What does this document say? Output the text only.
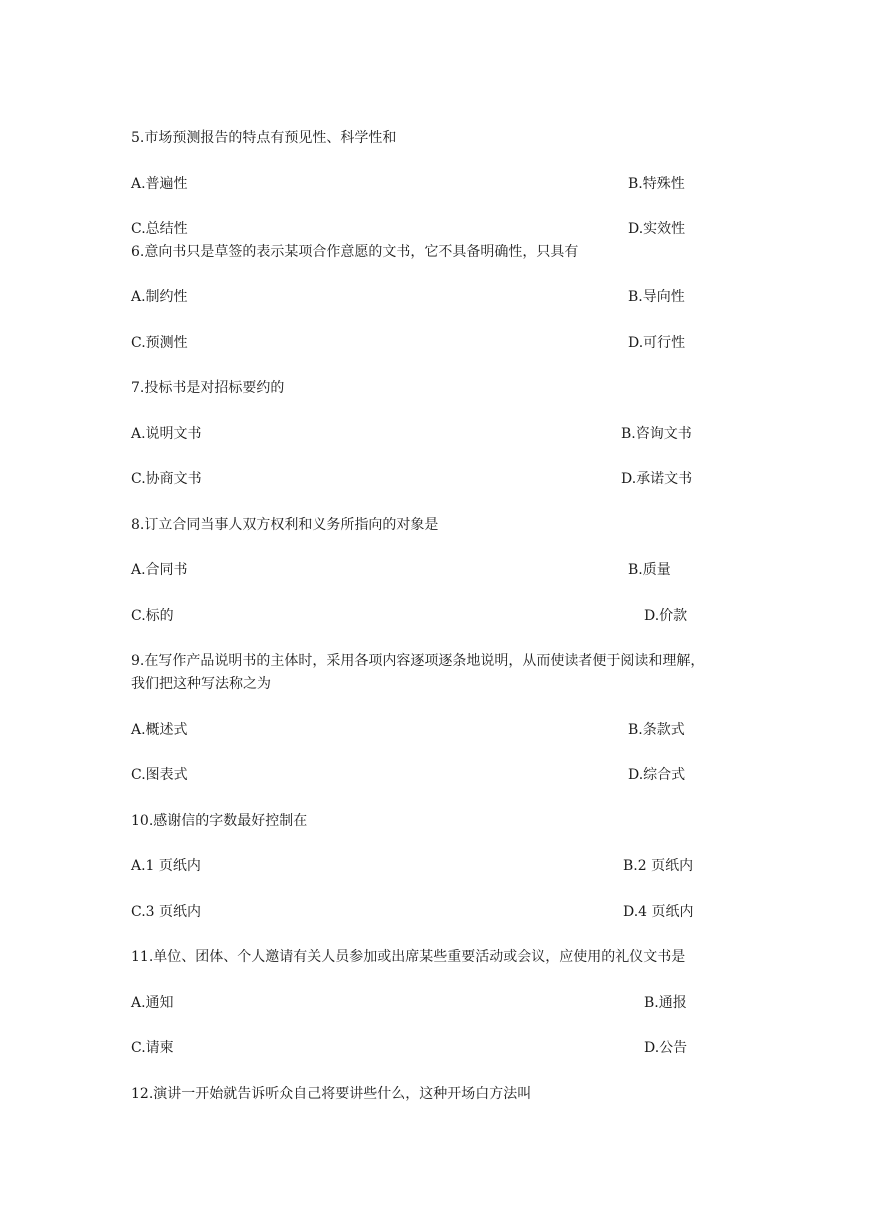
5.市场预测报告的特点有预见性、科学性和
A.普遍性	B.特殊性
C.总结性	D.实效性
6.意向书只是草签的表示某项合作意愿的文书，它不具备明确性，只具有
A.制约性	B.导向性
C.预测性	D.可行性
7.投标书是对招标要约的
A.说明文书	B.咨询文书
C.协商文书	D.承诺文书
8.订立合同当事人双方权利和义务所指向的对象是
A.合同书	B.质量
C.标的	D.价款
9.在写作产品说明书的主体时，采用各项内容逐项逐条地说明，从而使读者便于阅读和理解，
我们把这种写法称之为
A.概述式	B.条款式
C.图表式	D.综合式
10.感谢信的字数最好控制在
A.1 页纸内	B.2 页纸内
C.3 页纸内	D.4 页纸内
11.单位、团体、个人邀请有关人员参加或出席某些重要活动或会议，应使用的礼仪文书是
A.通知	B.通报
C.请柬	D.公告
12.演讲一开始就告诉听众自己将要讲些什么，这种开场白方法叫
